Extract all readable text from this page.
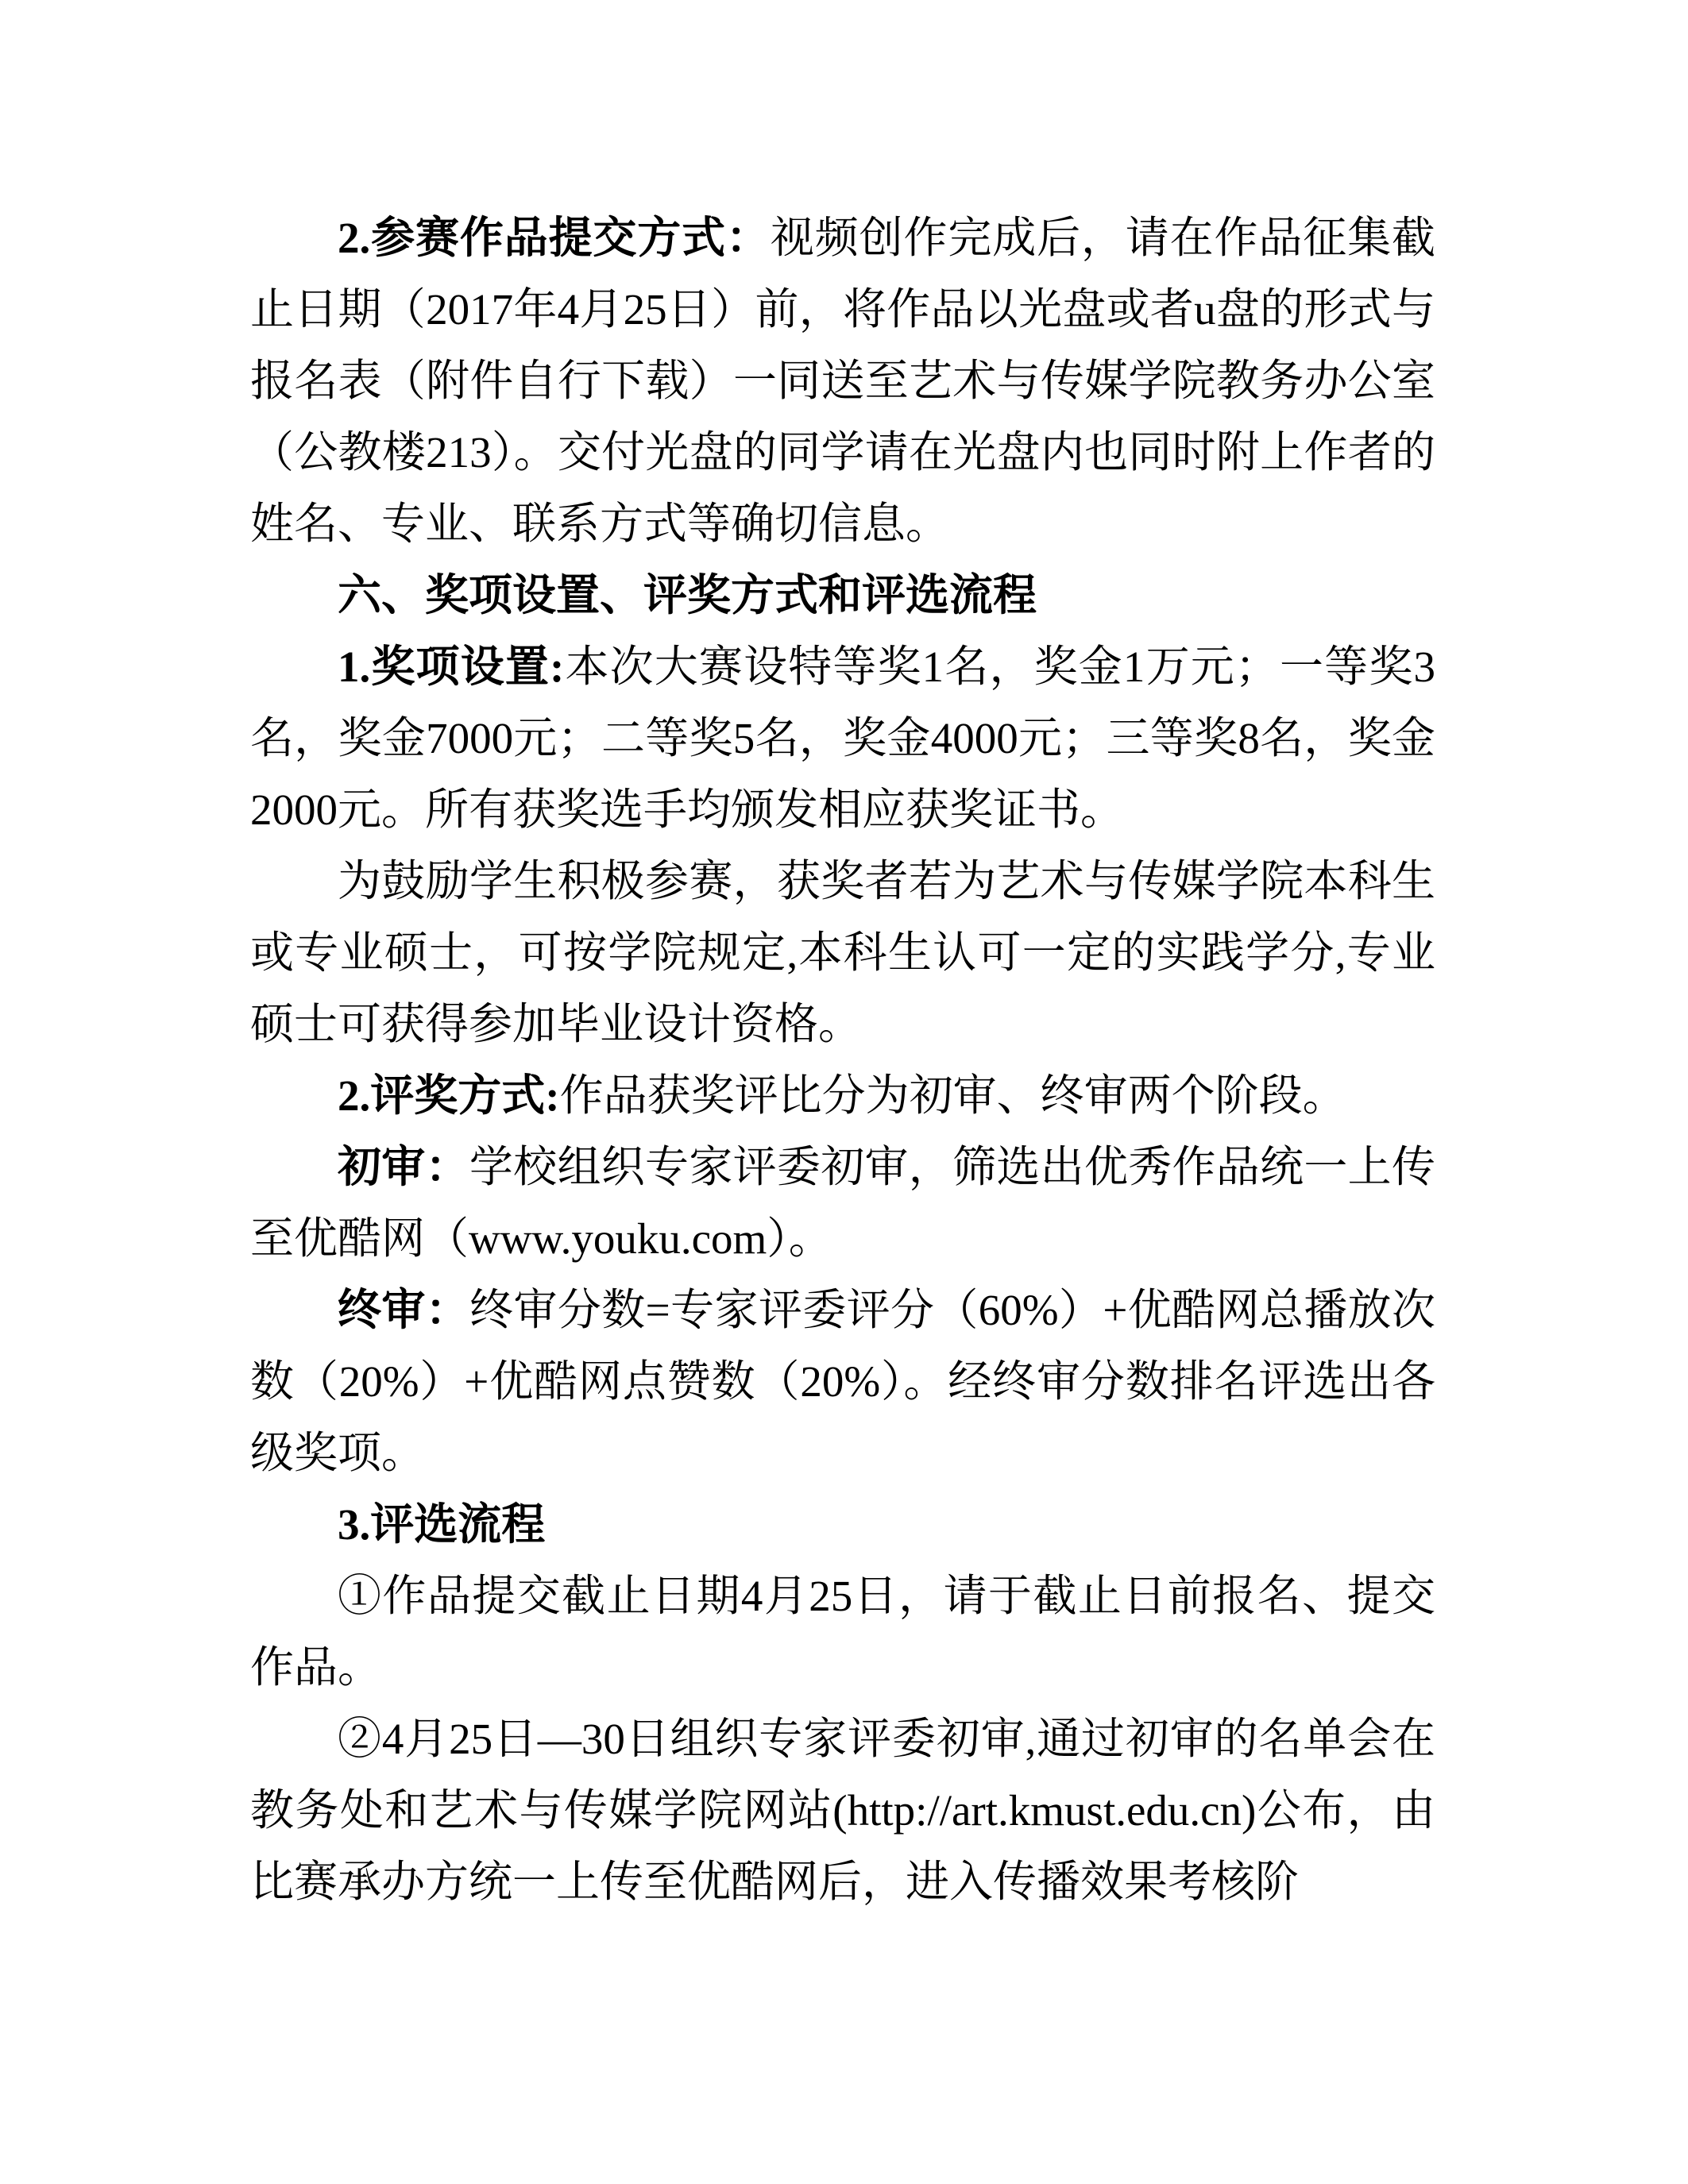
2.参赛作品提交方式：视频创作完成后，请在作品征集截止日期（2017年4月25日）前，将作品以光盘或者u盘的形式与报名表（附件自行下载）一同送至艺术与传媒学院教务办公室（公教楼213）。交付光盘的同学请在光盘内也同时附上作者的姓名、专业、联系方式等确切信息。

六、奖项设置、评奖方式和评选流程

1.奖项设置:本次大赛设特等奖1名，奖金1万元；一等奖3名，奖金7000元；二等奖5名，奖金4000元；三等奖8名，奖金2000元。所有获奖选手均颁发相应获奖证书。

为鼓励学生积极参赛，获奖者若为艺术与传媒学院本科生或专业硕士，可按学院规定,本科生认可一定的实践学分,专业硕士可获得参加毕业设计资格。

2.评奖方式:作品获奖评比分为初审、终审两个阶段。

初审：学校组织专家评委初审，筛选出优秀作品统一上传至优酷网（www.youku.com）。

终审：终审分数=专家评委评分（60%）+优酷网总播放次数（20%）+优酷网点赞数（20%）。经终审分数排名评选出各级奖项。

3.评选流程

①作品提交截止日期4月25日，请于截止日前报名、提交作品。

②4月25日—30日组织专家评委初审,通过初审的名单会在教务处和艺术与传媒学院网站(http://art.kmust.edu.cn)公布，由比赛承办方统一上传至优酷网后，进入传播效果考核阶
